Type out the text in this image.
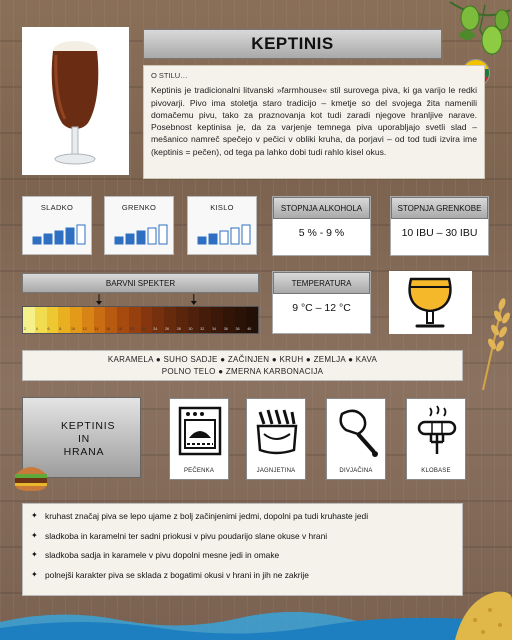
KEPTINIS
O STILU…
Keptinis je tradicionalni litvanski »farmhouse« stil surovega piva, ki ga varijo le redki pivovarji. Pivo ima stoletja staro tradicijo – kmetje so del svojega žita namenili domačemu pivu, tako za praznovanja kot tudi zaradi njegove hranljive narave. Posebnost keptinisa je, da za varjenje temnega piva uporabljajo svetli slad – mešanico namreč spečejo v pečici v obliki kruha, da porjavi – od tod tudi izvira ime (keptinis = pečen), od tega pa lahko dobi tudi rahlo kisel okus.
SLADKO	GRENKO	KISLO	STOPNJA ALKOHOLA
5 % - 9 %
STOPNJA GRENKOBE
10 IBU – 30 IBU
BARVNI SPEKTER
2	4	6	8	10 12 14 16 18 20 22 24 26 28 30 32 34 36 38 40
TEMPERATURA
9 °C – 12 °C
KARAMELA ● SUHO SADJE ● ZAČINJEN ● KRUH ● ZEMLJA ● KAVA
POLNO TELO ● ZMERNA KARBONACIJA
KEPTINIS
IN
HRANA
PEČENKA	JAGNJETINA	DIVJAČINA	KLOBASE
✦ kruhast značaj piva se lepo ujame z bolj začinjenimi jedmi, dopolni pa tudi kruhaste jedi
✦ sladkoba in karamelni ter sadni priokusi v pivu poudarijo slane okuse v hrani
✦ sladkoba sadja in karamele v pivu dopolni mesne jedi in omake
✦ polnejši karakter piva se sklada z bogatimi okusi v hrani in jih ne zakrije
